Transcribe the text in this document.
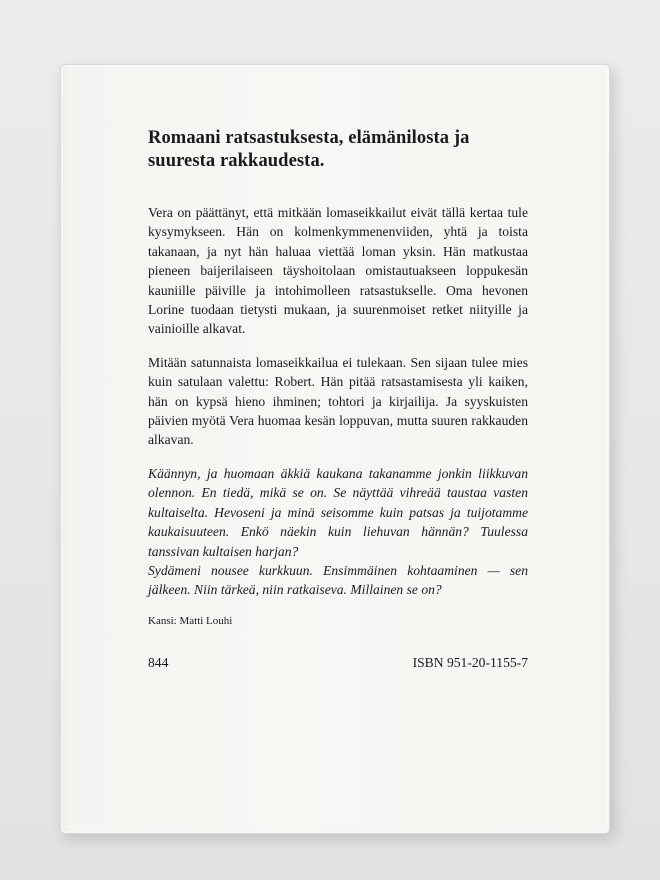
Romaani ratsastuksesta, elämänilosta ja suuresta rakkaudesta.

Vera on päättänyt, että mitkään lomaseikkailut eivät tällä kertaa tule kysymykseen. Hän on kolmenkymmenenviiden, yhtä ja toista takanaan, ja nyt hän haluaa viettää loman yksin. Hän matkustaa pieneen baijerilaiseen täyshoitolaan omistautuakseen loppukesän kauniille päiville ja intohimolleen ratsastukselle. Oma hevonen Lorine tuodaan tietysti mukaan, ja suurenmoiset retket niityille ja vainioille alkavat.

Mitään satunnaista lomaseikkailua ei tulekaan. Sen sijaan tulee mies kuin satulaan valettu: Robert. Hän pitää ratsastamisesta yli kaiken, hän on kypsä hieno ihminen; tohtori ja kirjailija. Ja syyskuisten päivien myötä Vera huomaa kesän loppuvan, mutta suuren rakkauden alkavan.

Käännyn, ja huomaan äkkiä kaukana takanamme jonkin liikkuvan olennon. En tiedä, mikä se on. Se näyttää vihreää taustaa vasten kultaiselta. Hevoseni ja minä seisomme kuin patsas ja tuijotamme kaukaisuuteen. Enkö näekin kuin liehuvan hännän? Tuulessa tanssivan kultaisen harjan?
Sydämeni nousee kurkkuun. Ensimmäinen kohtaaminen — sen jälkeen. Niin tärkeä, niin ratkaiseva. Millainen se on?
Kansi: Matti Louhi
844	ISBN 951-20-1155-7
